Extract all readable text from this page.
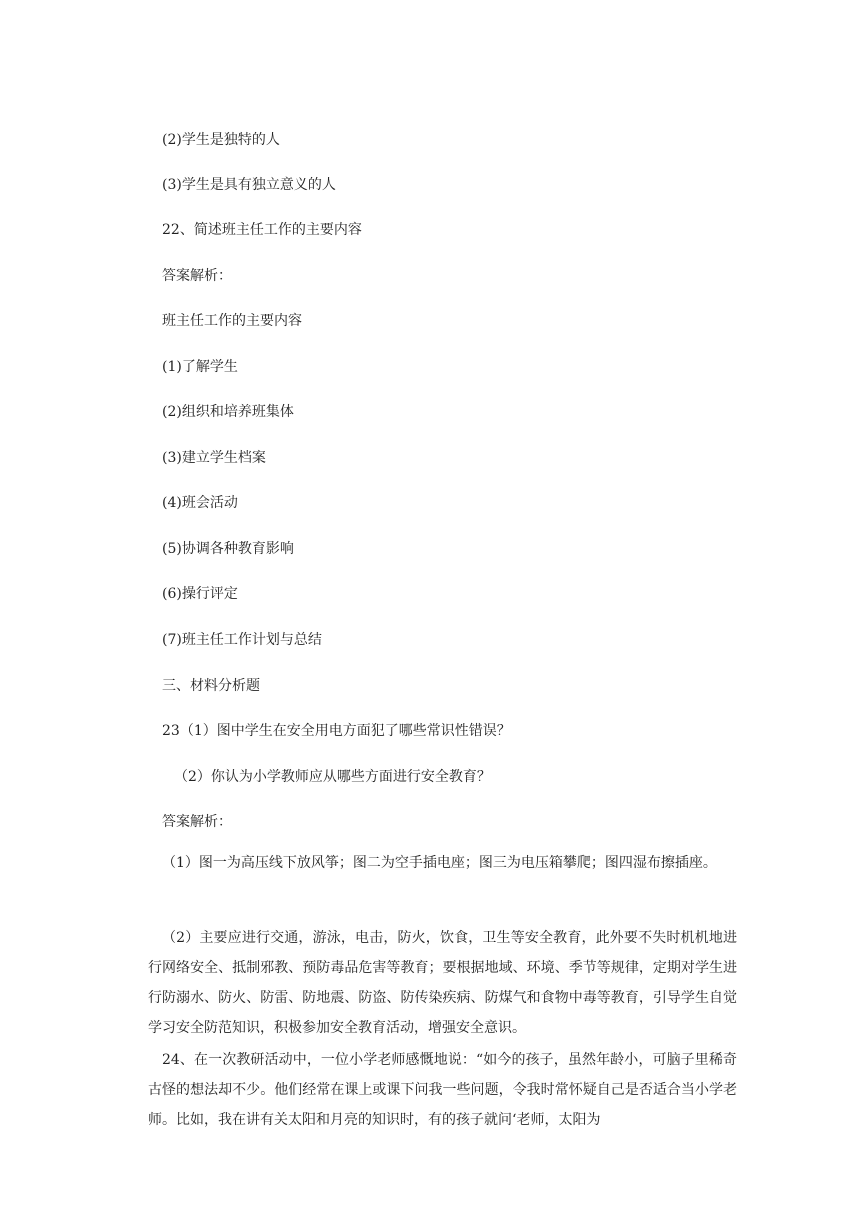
(2)学生是独特的人
(3)学生是具有独立意义的人
22、简述班主任工作的主要内容
答案解析：
班主任工作的主要内容
(1)了解学生
(2)组织和培养班集体
(3)建立学生档案
(4)班会活动
(5)协调各种教育影响
(6)操行评定
(7)班主任工作计划与总结
三、材料分析题
23（1）图中学生在安全用电方面犯了哪些常识性错误？
（2）你认为小学教师应从哪些方面进行安全教育？
答案解析：
（1）图一为高压线下放风筝；图二为空手插电座；图三为电压箱攀爬；图四湿布擦插座。
（2）主要应进行交通，游泳，电击，防火，饮食，卫生等安全教育，此外要不失时机机地进行网络安全、抵制邪教、预防毒品危害等教育；要根据地域、环境、季节等规律，定期对学生进行防溺水、防火、防雷、防地震、防盗、防传染疾病、防煤气和食物中毒等教育，引导学生自觉学习安全防范知识，积极参加安全教育活动，增强安全意识。
24、在一次教研活动中，一位小学老师感慨地说：“如今的孩子，虽然年龄小，可脑子里稀奇古怪的想法却不少。他们经常在课上或课下问我一些问题，令我时常怀疑自己是否适合当小学老师。比如，我在讲有关太阳和月亮的知识时，有的孩子就问‘老师，太阳为
